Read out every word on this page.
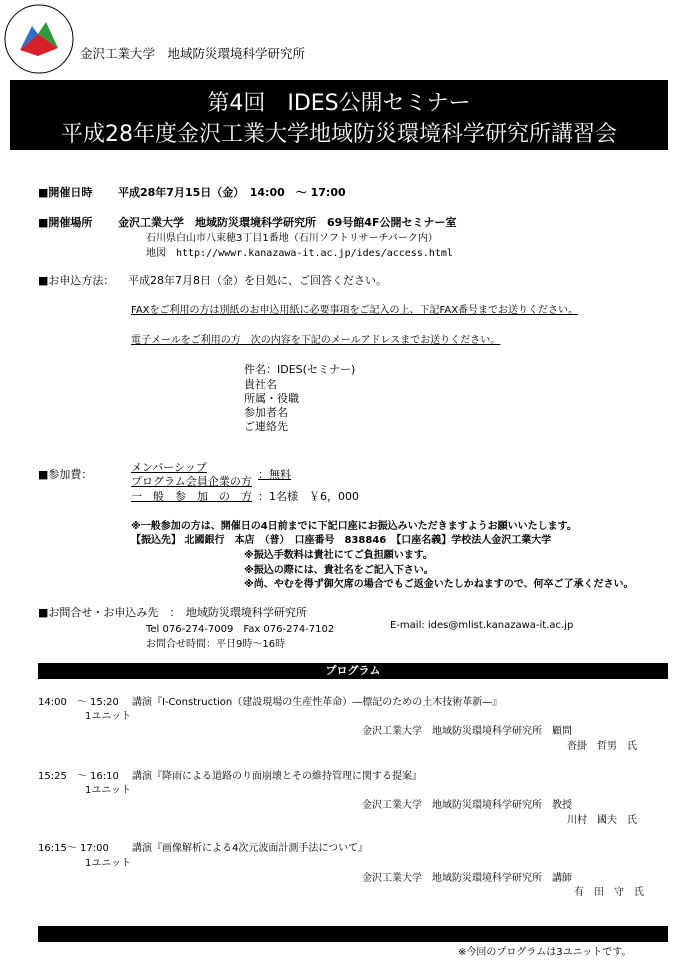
金沢工業大学　地域防災環境科学研究所
第4回　IDES公開セミナー
平成28年度金沢工業大学地域防災環境科学研究所講習会
■開催日時 平成28年7月15日（金）　14:00　～ 17:00
■開催場所 金沢工業大学　地域防災環境科学研究所　69号館4F公開セミナー室
石川県白山市八束穂3丁目1番地（石川ソフトリサーチパーク内）
地図　http://wwwr.kanazawa-it.ac.jp/ides/access.html
■お申込方法： 平成28年7月8日（金）を目処に、ご回答ください。
FAXをご利用の方は別紙のお申込用紙に必要事項をご記入の上、下記FAX番号までお送りください。
電子メールをご利用の方　次の内容を下記のメールアドレスまでお送りください。
件名：IDES(セミナー)
貴社名
所属・役職
参加者名
ご連絡先
■参加費：
メンバーシップ
プログラム会員企業の方
：無料
一　般　参　加　の　方 ：1名様　￥6，000
※一般参加の方は、開催日の4日前までに下記口座にお振込みいただきますようお願いいたします。
【振込先】 北國銀行　本店　（普）　口座番号　838846　【口座名義】学校法人金沢工業大学
※振込手数料は貴社にてご負担願います。
※振込の際には、貴社名をご記入下さい。
※尚、やむを得ず御欠席の場合でもご返金いたしかねますので、何卒ご了承ください。
■お問合せ・お申込み先　：　地域防災環境科学研究所
Tel 076-274-7009　Fax 076-274-7102	E-mail: ides@mlist.kanazawa-it.ac.jp
お問合せ時間：平日9時～16時
プログラム
14:00　～ 15:20 講演『I-Construction（建設現場の生産性革命）―標記のための土木技術革新―』
1ユニット
金沢工業大学　地域防災環境科学研究所　顧問
沓掛　哲男　氏
15:25　～ 16:10 講演『降雨による道路のり面崩壊とその維持管理に関する提案』
1ユニット
金沢工業大学　地域防災環境科学研究所　教授
川村　國夫　氏
16:15～ 17:00 講演『画像解析による4次元波面計測手法について』
1ユニット
金沢工業大学　地域防災環境科学研究所　講師
有　田　守　氏
※今回のプログラムは3ユニットです。
